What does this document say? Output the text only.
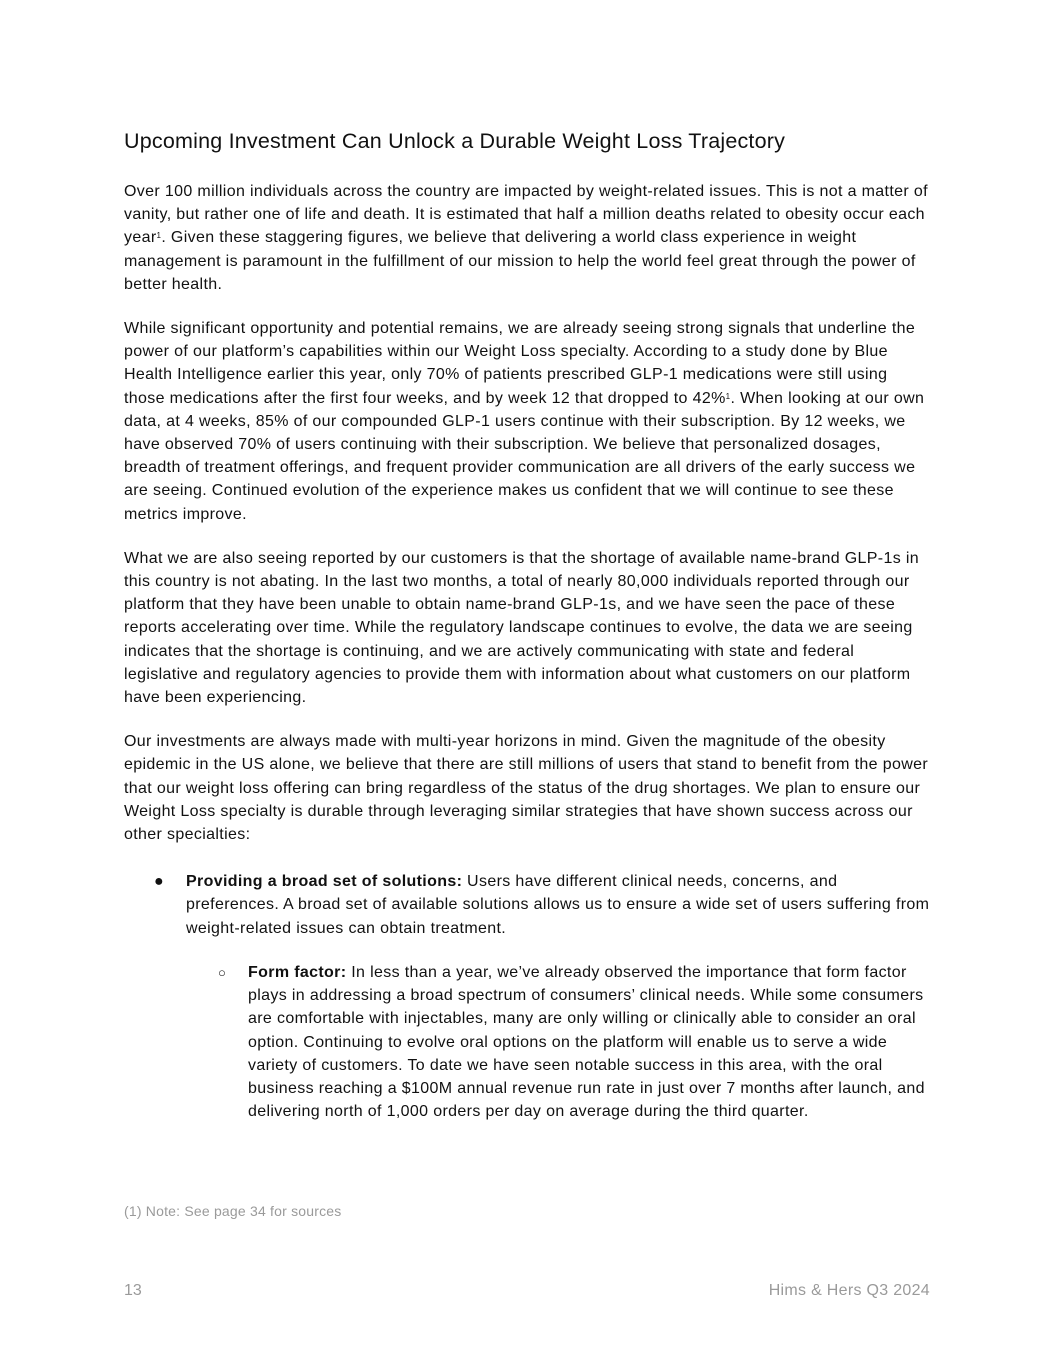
Upcoming Investment Can Unlock a Durable Weight Loss Trajectory

Over 100 million individuals across the country are impacted by weight-related issues. This is not a matter of vanity, but rather one of life and death. It is estimated that half a million deaths related to obesity occur each year$^1$. Given these staggering figures, we believe that delivering a world class experience in weight management is paramount in the fulfillment of our mission to help the world feel great through the power of better health.

While significant opportunity and potential remains, we are already seeing strong signals that underline the power of our platform’s capabilities within our Weight Loss specialty. According to a study done by Blue Health Intelligence earlier this year, only 70% of patients prescribed GLP-1 medications were still using those medications after the first four weeks, and by week 12 that dropped to 42%$^1$. When looking at our own data, at 4 weeks, 85% of our compounded GLP-1 users continue with their subscription. By 12 weeks, we have observed 70% of users continuing with their subscription. We believe that personalized dosages, breadth of treatment offerings, and frequent provider communication are all drivers of the early success we are seeing. Continued evolution of the experience makes us confident that we will continue to see these metrics improve.

What we are also seeing reported by our customers is that the shortage of available name-brand GLP-1s in this country is not abating. In the last two months, a total of nearly 80,000 individuals reported through our platform that they have been unable to obtain name-brand GLP-1s, and we have seen the pace of these reports accelerating over time. While the regulatory landscape continues to evolve, the data we are seeing indicates that the shortage is continuing, and we are actively communicating with state and federal legislative and regulatory agencies to provide them with information about what customers on our platform have been experiencing.

Our investments are always made with multi-year horizons in mind. Given the magnitude of the obesity epidemic in the US alone, we believe that there are still millions of users that stand to benefit from the power that our weight loss offering can bring regardless of the status of the drug shortages. We plan to ensure our Weight Loss specialty is durable through leveraging similar strategies that have shown success across our other specialties:

● Providing a broad set of solutions: Users have different clinical needs, concerns, and preferences. A broad set of available solutions allows us to ensure a wide set of users suffering from weight-related issues can obtain treatment.

○ Form factor: In less than a year, we’ve already observed the importance that form factor plays in addressing a broad spectrum of consumers’ clinical needs. While some consumers are comfortable with injectables, many are only willing or clinically able to consider an oral option. Continuing to evolve oral options on the platform will enable us to serve a wide variety of customers. To date we have seen notable success in this area, with the oral business reaching a $100M annual revenue run rate in just over 7 months after launch, and delivering north of 1,000 orders per day on average during the third quarter.

(1) Note: See page 34 for sources
13	Hims & Hers Q3 2024
